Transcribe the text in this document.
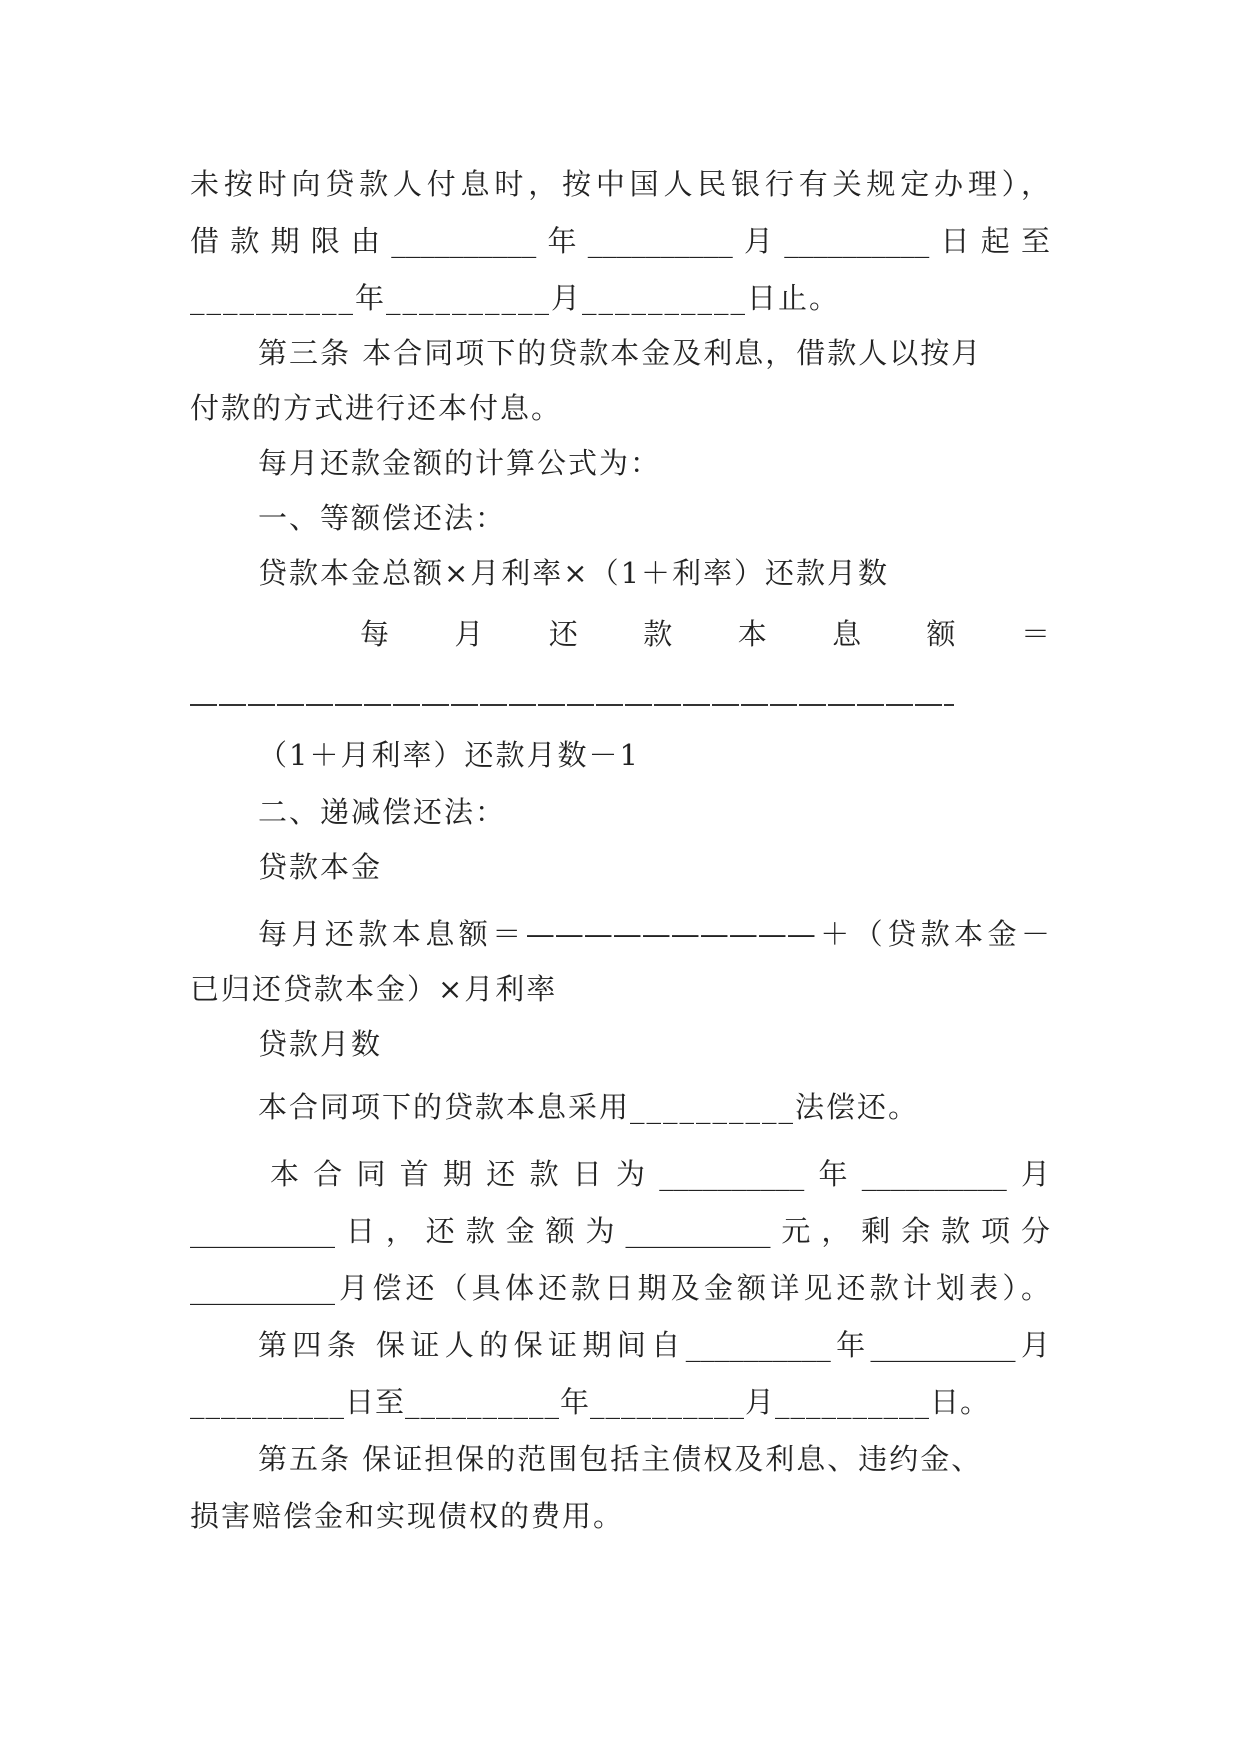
未按时向贷款人付息时，按中国人民银行有关规定办理），
借款期限由__________年__________月__________日起至
__________年__________月__________日止。
第三条 本合同项下的贷款本金及利息，借款人以按月
付款的方式进行还本付息。
每月还款金额的计算公式为：
一、等额偿还法：
贷款本金总额×月利率×（1＋利率）还款月数
每　月　还　款　本　息　额　＝
（1＋月利率）还款月数－1
二、递减偿还法：
贷款本金
每月还款本息额＝——————————＋（贷款本金－
已归还贷款本金）×月利率
贷款月数
本合同项下的贷款本息采用__________法偿还。
本合同首期还款日为__________年__________月
__________日，还款金额为__________元，剩余款项分
__________月偿还（具体还款日期及金额详见还款计划表）。
第四条 保证人的保证期间自__________年__________月
__________日至__________年__________月__________日。
第五条 保证担保的范围包括主债权及利息、违约金、
损害赔偿金和实现债权的费用。
